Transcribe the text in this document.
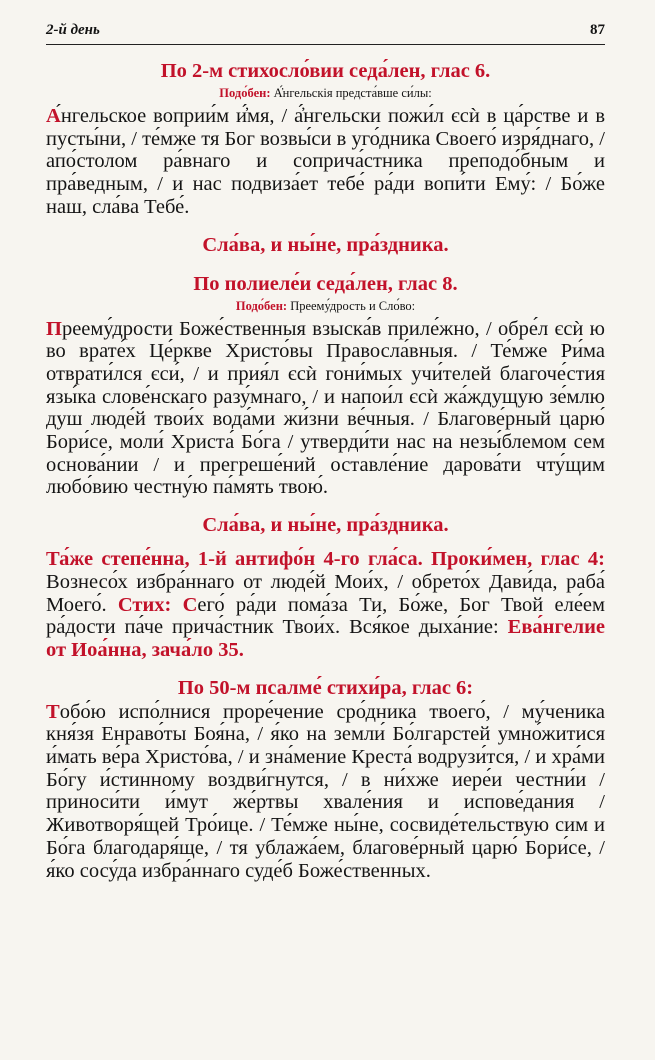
2-й день	87
По 2-м стихосло́вии седа́лен, глас 6.
Подо́бен: А҆́нгельскія предста́вше си́лы:
А́нгельское воприи́м и҆́мя, / а҆́нгельски пожи́л єсѝ в ца́рстве и в пусты́ни, / те́мже тя Бог возвы́си в уго́дника Своего́ изря́днаго, / апо́столом ра́внаго и соприча́стника преподо́бным и пра́ведным, / и нас подвиза́ет тебе́ ра́ди вопи́ти Ему́: / Бо́же наш, сла́ва Тебе́.
Сла́ва, и ны́не, пра́здника.
По полиеле́и седа́лен, глас 8.
Подо́бен: Преему́дрость и Сло́во:
Преему́дрости Боже́ственныя взыска́в приле́жно, / обре́л єсѝ ю во врате́х Це́ркве Христо́вы Правосла́вныя. / Те́мже Ри́ма отврати́лся єси́, / и прия́л єсѝ гони́мых учи́телей благоче́стия язы́ка слове́нскаго разу́мнаго, / и напои́л єсѝ жа́ждущую зе́млю душ люде́й твои́х вода́ми жи́зни ве́чныя. / Благове́рный царю́ Бори́се, моли́ Христа́ Бо́га / утверди́ти нас на незы́блемом сем основа́нии / и прегреше́ний оставле́ние дарова́ти чту́щим любо́вию честну́ю па́мять твою́.
Сла́ва, и ны́не, пра́здника.
Та́же степе́нна, 1-й антифо́н 4-го гла́са. Проки́мен, глас 4: Вознесо́х избра́ннаго от люде́й Мои́х, / обрето́х Дави́да, раба́ Моего́. Стих: Сего́ ра́ди пома́за Ти, Бо́же, Бог Твой еле́ем ра́дости па́че прича́стник Твои́х. Вся́кое дыха́ние: Ева́нгелие от Иоа́нна, зача́ло 35.
По 50-м псалме́ стихи́ра, глас 6:
Тобо́ю испо́лнися проре́чение сро́дника твоего́, / му́ченика кня́зя Енраво́ты Боя́на, / я́ко на земли́ Бо́лгарстей умно́житися и́мать ве́ра Христо́ва, / и зна́мение Креста́ водрузи́тся, / и хра́ми Бо́гу и́стинному воздви́гнутся, / в ни́хже иере́и честни́и / приноси́ти и́мут же́ртвы хвале́ния и испове́дания / Животворя́щей Тро́ице. / Те́мже ны́не, сосвиде́тельствую сим и Бо́га благодаря́ще, / тя ублажа́ем, благове́рный царю́ Бори́се, / я́ко сосу́да избра́ннаго суде́б Боже́ственных.
